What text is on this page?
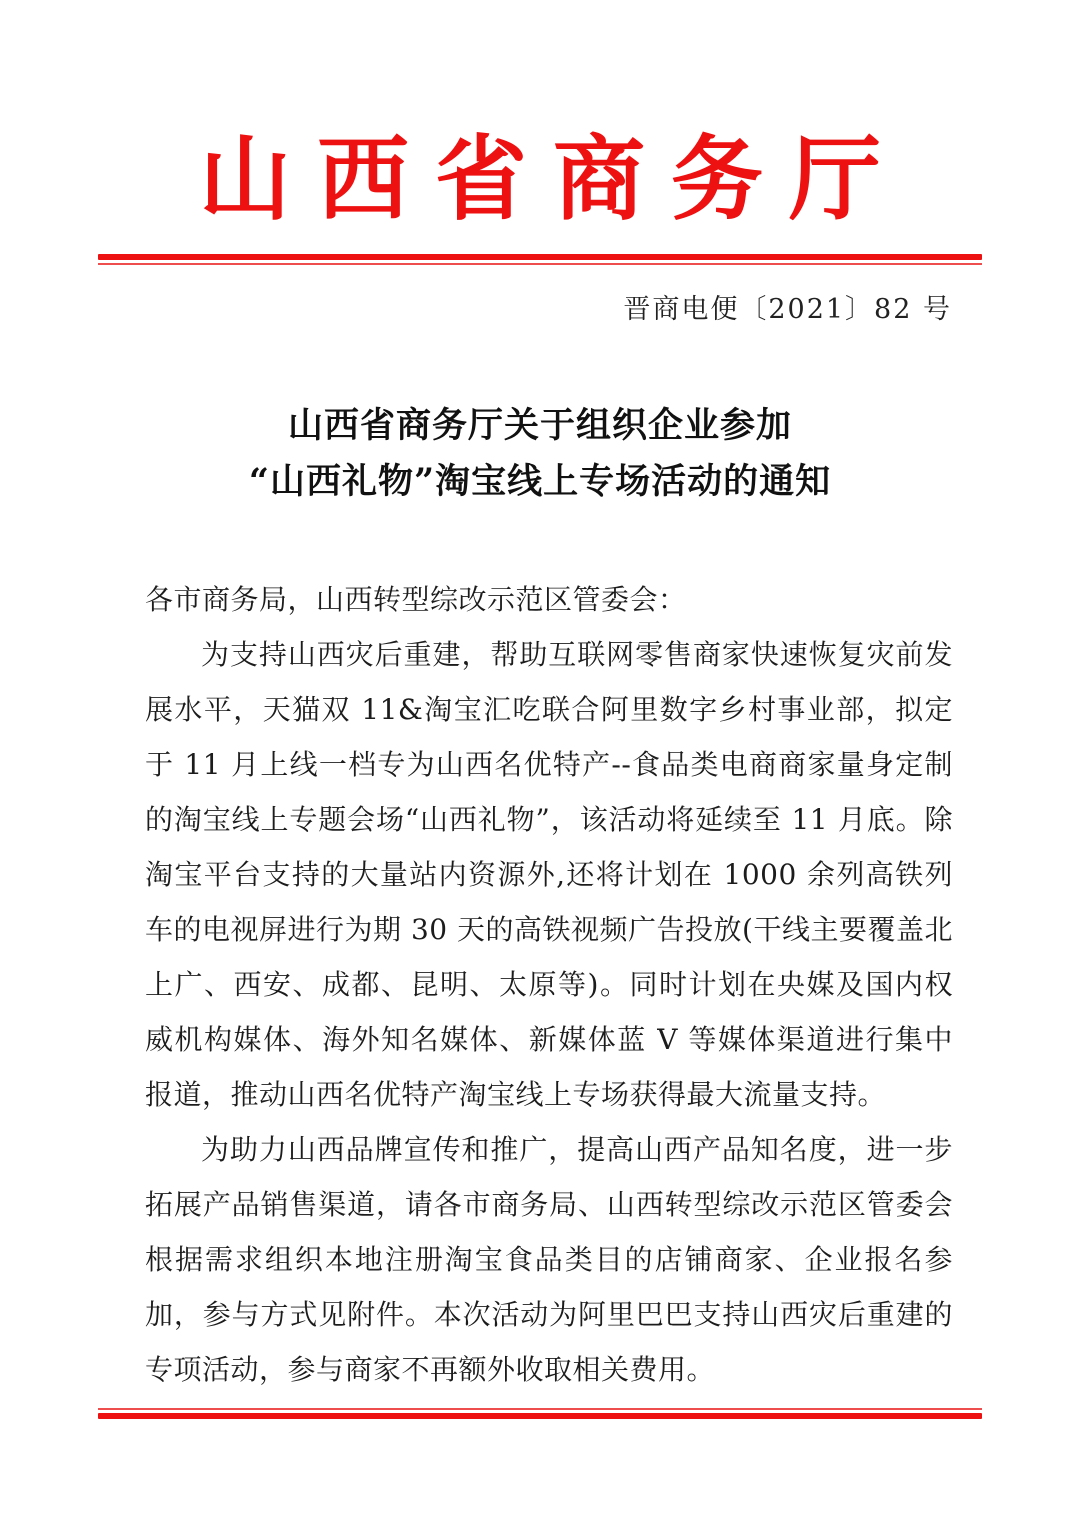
山西省商务厅
晋商电便〔2021〕82 号
山西省商务厅关于组织企业参加
“山西礼物”淘宝线上专场活动的通知

各市商务局，山西转型综改示范区管委会：

为支持山西灾后重建，帮助互联网零售商家快速恢复灾前发展水平，天猫双 11&淘宝汇吃联合阿里数字乡村事业部，拟定于 11 月上线一档专为山西名优特产--食品类电商商家量身定制的淘宝线上专题会场“山西礼物”，该活动将延续至 11 月底。除淘宝平台支持的大量站内资源外,还将计划在 1000 余列高铁列车的电视屏进行为期 30 天的高铁视频广告投放(干线主要覆盖北上广、西安、成都、昆明、太原等)。同时计划在央媒及国内权威机构媒体、海外知名媒体、新媒体蓝 V 等媒体渠道进行集中报道，推动山西名优特产淘宝线上专场获得最大流量支持。

为助力山西品牌宣传和推广，提高山西产品知名度，进一步拓展产品销售渠道，请各市商务局、山西转型综改示范区管委会根据需求组织本地注册淘宝食品类目的店铺商家、企业报名参加，参与方式见附件。本次活动为阿里巴巴支持山西灾后重建的专项活动，参与商家不再额外收取相关费用。
